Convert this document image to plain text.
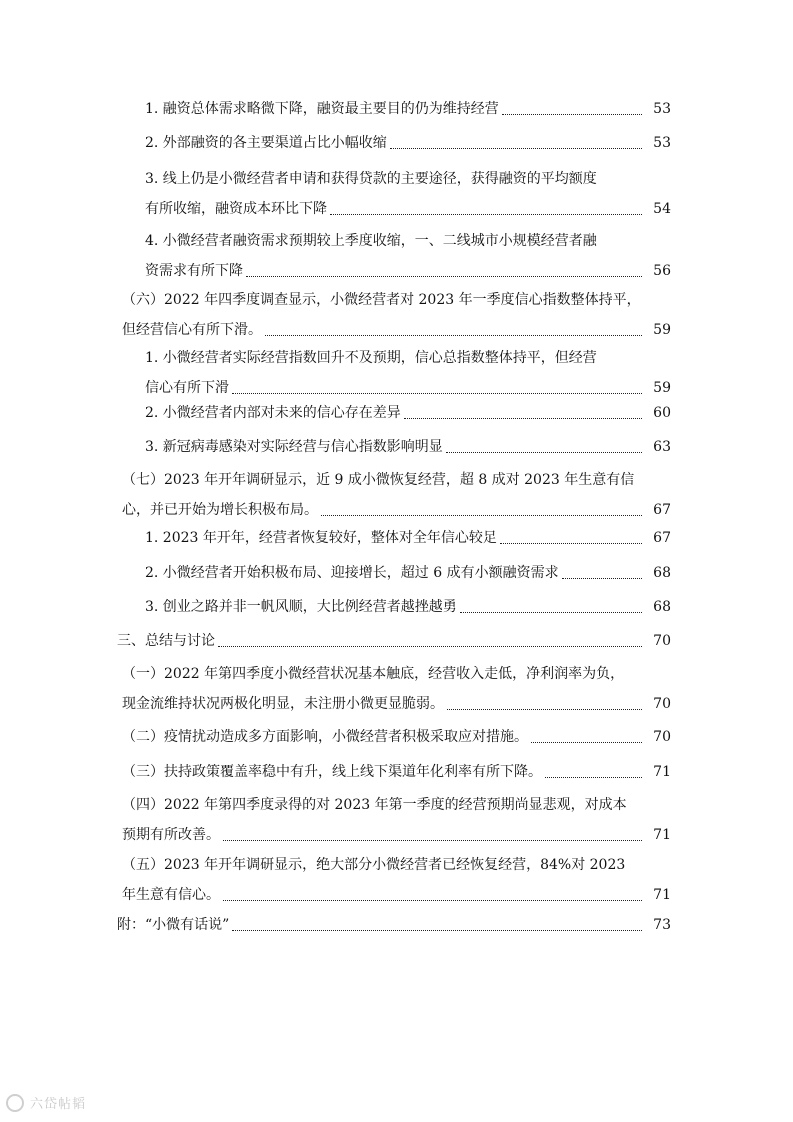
1. 融资总体需求略微下降，融资最主要目的仍为维持经营	53
2. 外部融资的各主要渠道占比小幅收缩	53
3. 线上仍是小微经营者申请和获得贷款的主要途径，获得融资的平均额度
有所收缩，融资成本环比下降	54
4. 小微经营者融资需求预期较上季度收缩，一、二线城市小规模经营者融
资需求有所下降	56
（六）2022 年四季度调查显示，小微经营者对 2023 年一季度信心指数整体持平，
但经营信心有所下滑。	59
1. 小微经营者实际经营指数回升不及预期，信心总指数整体持平，但经营
信心有所下滑	59
2. 小微经营者内部对未来的信心存在差异	60
3. 新冠病毒感染对实际经营与信心指数影响明显	63
（七）2023 年开年调研显示，近 9 成小微恢复经营，超 8 成对 2023 年生意有信
心，并已开始为增长积极布局。	67
1. 2023 年开年，经营者恢复较好，整体对全年信心较足	67
2. 小微经营者开始积极布局、迎接增长，超过 6 成有小额融资需求	68
3. 创业之路并非一帆风顺，大比例经营者越挫越勇	68
三、总结与讨论	70
（一）2022 年第四季度小微经营状况基本触底，经营收入走低，净利润率为负，
现金流维持状况两极化明显，未注册小微更显脆弱。	70
（二）疫情扰动造成多方面影响，小微经营者积极采取应对措施。	70
（三）扶持政策覆盖率稳中有升，线上线下渠道年化利率有所下降。	71
（四）2022 年第四季度录得的对 2023 年第一季度的经营预期尚显悲观，对成本
预期有所改善。	71
（五）2023 年开年调研显示，绝大部分小微经营者已经恢复经营，84%对 2023
年生意有信心。	71
附：“小微有话说”	73
六岱帖韬
